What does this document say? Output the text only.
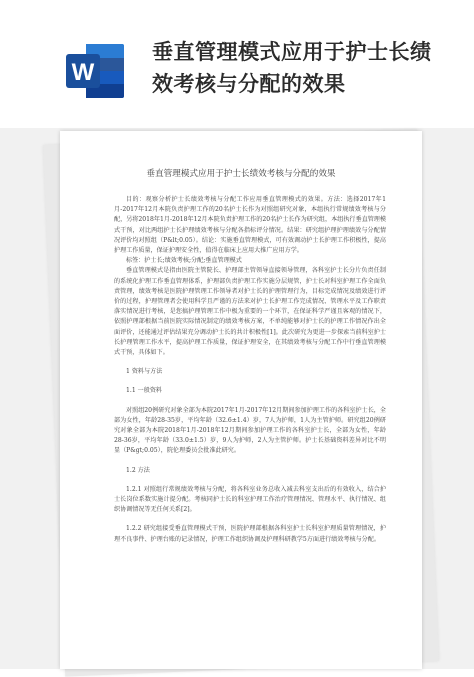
W
垂直管理模式应用于护士长绩
效考核与分配的效果
垂直管理模式应用于护士长绩效考核与分配的效果

目的：观察分析护士长绩效考核与分配工作应用垂直管理模式的效果。方法：选择2017年1月-2017年12月本院负责护理工作的20名护士长作为对照组研究对象，本组执行常规绩效考核与分配，另将2018年1月-2018年12月本院负责护理工作的20名护士长作为研究组，本组执行垂直管理模式干预，对比两组护士长护理绩效考核与分配各指标评分情况。结果：研究组护理护理绩效与分配情况评价均对照组（P&lt;0.05）。结论：实施垂直管理模式，可有效调动护士长护理工作积极性，提高护理工作质量，保证护理安全性，值得在临床上应用大推广应用方学。

标签：护士长;绩效考核;分配;垂直管理模式

垂直管理模式是指由医院主管院长、护理部主管领导直接领导管理，各科室护士长分片负责任制的系统化护理工作垂直管理体系，护理部负责护理工作实施分层规管，护士长对科室护理工作全面负责管理，绩效考核是医院护理管理工作领导者对护士长的护理管理行为，目标完成情况及绩效进行评价的过程，护理管理者会使用科学且严谨的方法来对护士长护理工作完成情况、管理水平及工作职责落实情况进行考核，是您搞护理管理工作中极为重要的一个环节，在保证科学严谨且客观的情况下，依照护理部根据当前医院实际情况制定的绩效考核方案，不单纯能够对护士长的护理工作情况作出全面评价，还能通过评估结果充分调动护士长的共计积极性[1]。此次研究为更进一步探索当前科室护士长护理管理工作水平，提高护理工作质量，保证护理安全，在其绩效考核与分配工作中行垂直管理模式干预，具体如下。

1 资料与方法

1.1 一般资料

对照组20例研究对象全部为本院2017年1月-2017年12月期间参加护理工作的各科室护士长，全部为女性，年龄28-35岁，平均年龄（32.6±1.4）岁，7人为护师，1人为主管护师。研究组20例研究对象全部为本院2018年1月-2018年12月期间参加护理工作的各科室护士长，全部为女性，年龄28-36岁，平均年龄（33.0±1.5）岁，9人为护师，2人为主管护师。护士长基础资料差异对比不明显（P&gt;0.05），院伦理委员会批准此研究。

1.2 方法

1.2.1 对照组行常规绩效考核与分配，将各科室业务总收入减去科室支出后的有效收入，结合护士长岗位系数实施计提分配。考核同护士长的科室护理工作治疗管理情况、管理水平、执行情况、组织协调情况等无任何关系[2]。

1.2.2 研究组接受垂直管理模式干预，医院护理部根据各科室护士长科室护理质量管理情况，护理不良事件、护理台账的记录情况，护理工作组织协调及护理科研教学5方面进行绩效考核与分配。
